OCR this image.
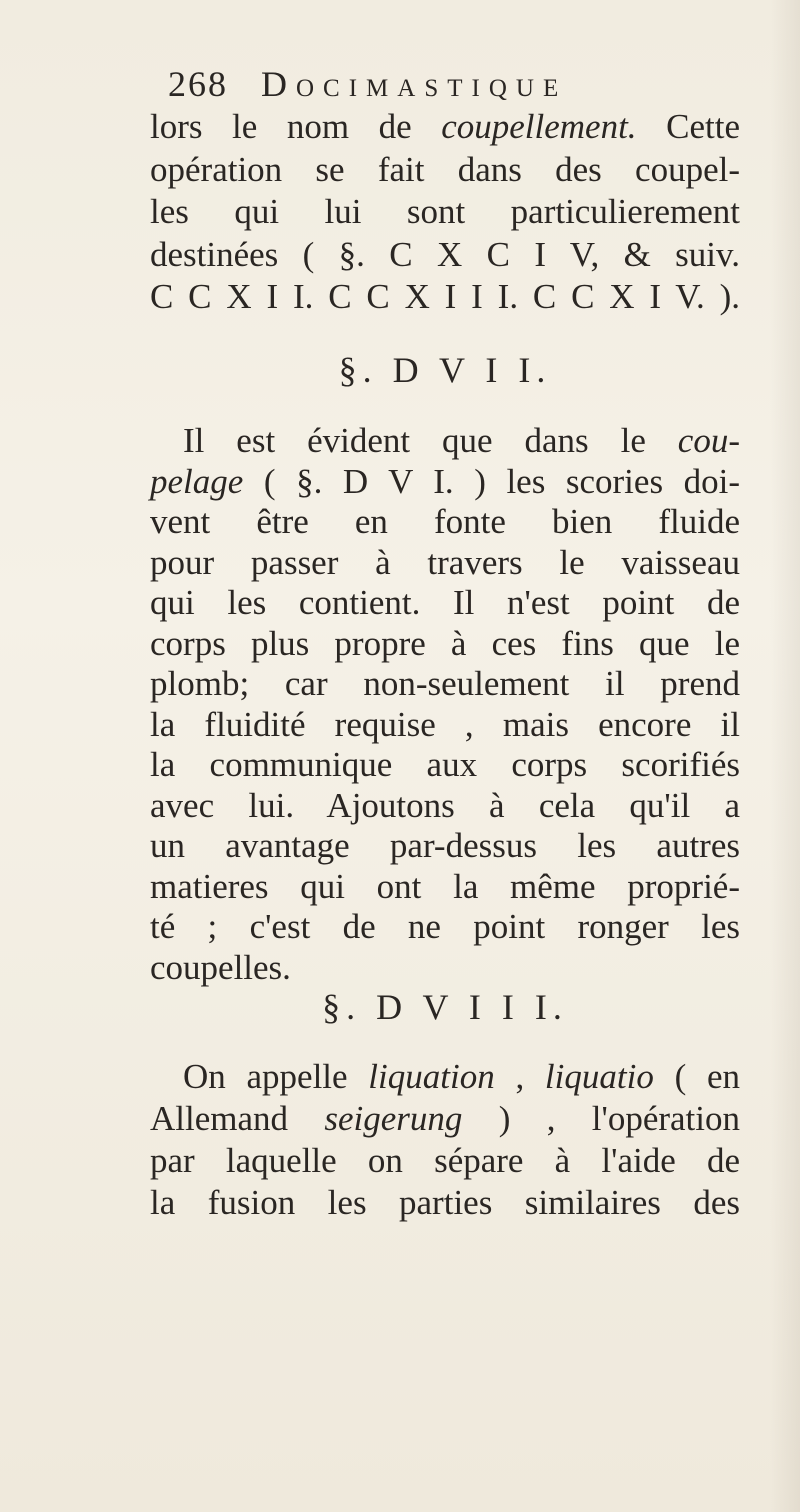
268 Docimastique
lors le nom de coupellement. Cette
opération se fait dans des coupel-
les qui lui sont particulierement
destinées ( §. C X C I V, & suiv.
C C X I I. C C X I I I. C C X I V. ).
§. D V I I.
Il est évident que dans le cou-
pelage ( §. D V I. ) les scories doi-
vent être en fonte bien fluide
pour passer à travers le vaisseau
qui les contient. Il n'est point de
corps plus propre à ces fins que le
plomb; car non-seulement il prend
la fluidité requise , mais encore il
la communique aux corps scorifiés
avec lui. Ajoutons à cela qu'il a
un avantage par-dessus les autres
matieres qui ont la même proprié-
té ; c'est de ne point ronger les
coupelles.
§. D V I I I.
On appelle liquation , liquatio ( en
Allemand seigerung ) , l'opération
par laquelle on sépare à l'aide de
la fusion les parties similaires des
